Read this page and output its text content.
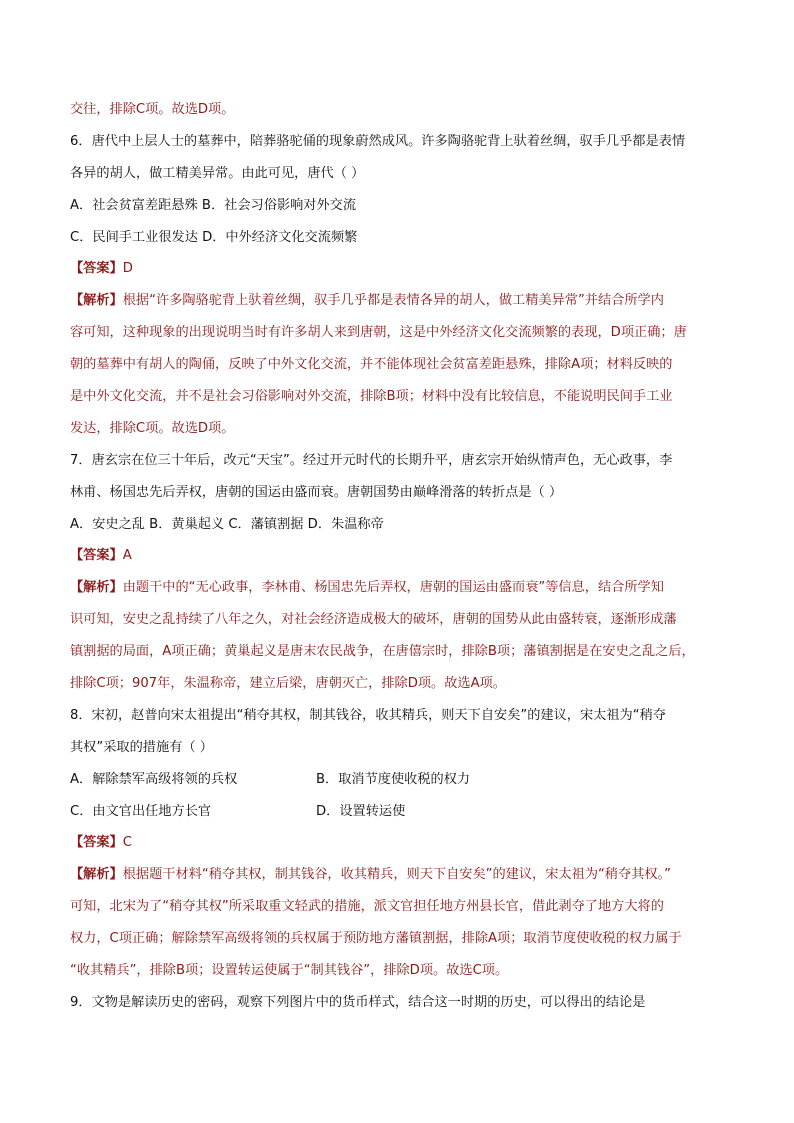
交往，排除C项。故选D项。
6．唐代中上层人士的墓葬中，陪葬骆驼俑的现象蔚然成风。许多陶骆驼背上驮着丝绸，驭手几乎都是表情
各异的胡人，做工精美异常。由此可见，唐代（ ）
A．社会贫富差距悬殊 B．社会习俗影响对外交流
C．民间手工业很发达 D．中外经济文化交流频繁
【答案】D
【解析】根据“许多陶骆驼背上驮着丝绸，驭手几乎都是表情各异的胡人，做工精美异常”并结合所学内
容可知，这种现象的出现说明当时有许多胡人来到唐朝，这是中外经济文化交流频繁的表现，D项正确；唐
朝的墓葬中有胡人的陶俑，反映了中外文化交流，并不能体现社会贫富差距悬殊，排除A项；材料反映的
是中外文化交流，并不是社会习俗影响对外交流，排除B项；材料中没有比较信息，不能说明民间手工业
发达，排除C项。故选D项。
7．唐玄宗在位三十年后，改元“天宝”。经过开元时代的长期升平，唐玄宗开始纵情声色，无心政事，李
林甫、杨国忠先后弄权，唐朝的国运由盛而衰。唐朝国势由巅峰滑落的转折点是（ ）
A．安史之乱 B．黄巢起义 C．藩镇割据 D．朱温称帝
【答案】A
【解析】由题干中的“无心政事，李林甫、杨国忠先后弄权，唐朝的国运由盛而衰”等信息，结合所学知
识可知，安史之乱持续了八年之久，对社会经济造成极大的破坏，唐朝的国势从此由盛转衰，逐渐形成藩
镇割据的局面，A项正确；黄巢起义是唐末农民战争，在唐僖宗时，排除B项；藩镇割据是在安史之乱之后，
排除C项；907年，朱温称帝，建立后梁，唐朝灭亡，排除D项。故选A项。
8．宋初，赵普向宋太祖提出“稍夺其权，制其钱谷，收其精兵，则天下自安矣”的建议，宋太祖为“稍夺
其权”采取的措施有（ ）
A．解除禁军高级将领的兵权	B．取消节度使收税的权力
C．由文官出任地方长官	D．设置转运使
【答案】C
【解析】根据题干材料“稍夺其权，制其钱谷，收其精兵，则天下自安矣”的建议，宋太祖为“稍夺其权。”
可知，北宋为了“稍夺其权”所采取重文轻武的措施，派文官担任地方州县长官，借此剥夺了地方大将的
权力，C项正确；解除禁军高级将领的兵权属于预防地方藩镇割据，排除A项；取消节度使收税的权力属于
“收其精兵”，排除B项；设置转运使属于“制其钱谷”，排除D项。故选C项。
9．文物是解读历史的密码，观察下列图片中的货币样式，结合这一时期的历史，可以得出的结论是
